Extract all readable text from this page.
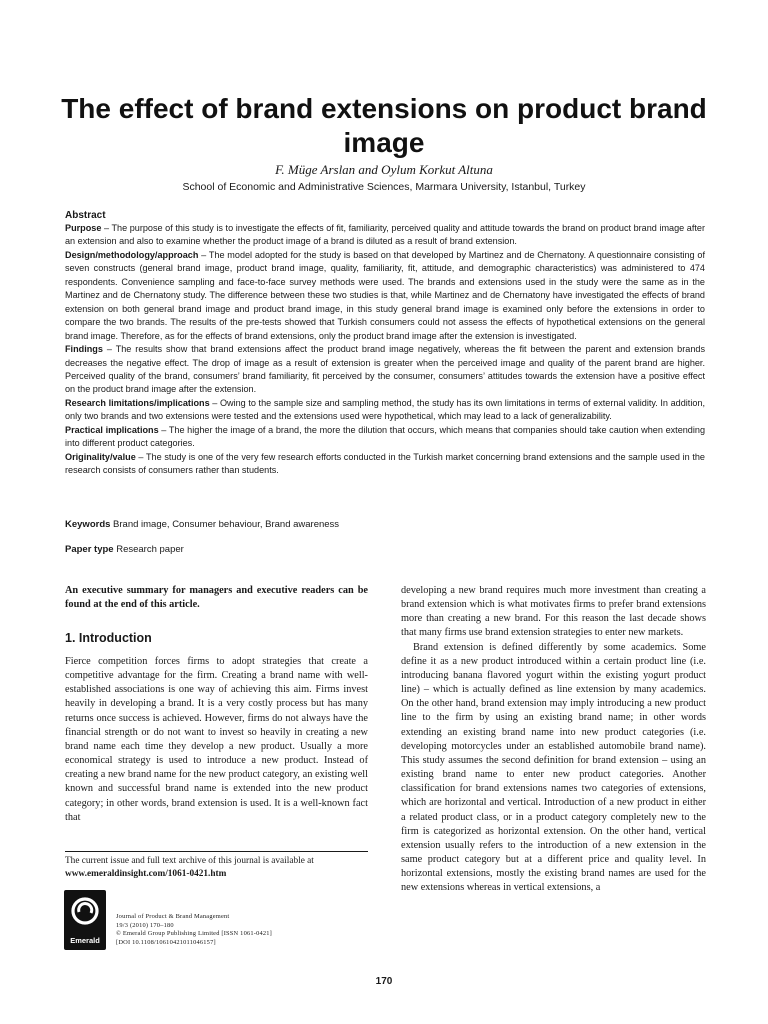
The effect of brand extensions on product brand image
F. Müge Arslan and Oylum Korkut Altuna
School of Economic and Administrative Sciences, Marmara University, Istanbul, Turkey
Abstract

Purpose – The purpose of this study is to investigate the effects of fit, familiarity, perceived quality and attitude towards the brand on product brand image after an extension and also to examine whether the product image of a brand is diluted as a result of brand extension.

Design/methodology/approach – The model adopted for the study is based on that developed by Martinez and de Chernatony. A questionnaire consisting of seven constructs (general brand image, product brand image, quality, familiarity, fit, attitude, and demographic characteristics) was administered to 474 respondents. Convenience sampling and face-to-face survey methods were used. The brands and extensions used in the study were the same as in the Martinez and de Chernatony study. The difference between these two studies is that, while Martinez and de Chernatony have investigated the effects of brand extension on both general brand image and product brand image, in this study general brand image is examined only before the extensions in order to compare the two brands. The results of the pre-tests showed that Turkish consumers could not assess the effects of hypothetical extensions on the general brand image. Therefore, as for the effects of brand extensions, only the product brand image after the extension is investigated.

Findings – The results show that brand extensions affect the product brand image negatively, whereas the fit between the parent and extension brands decreases the negative effect. The drop of image as a result of extension is greater when the perceived image and quality of the parent brand are higher. Perceived quality of the brand, consumers’ brand familiarity, fit perceived by the consumer, consumers’ attitudes towards the extension have a positive effect on the product brand image after the extension.

Research limitations/implications – Owing to the sample size and sampling method, the study has its own limitations in terms of external validity. In addition, only two brands and two extensions were tested and the extensions used were hypothetical, which may lead to a lack of generalizability.

Practical implications – The higher the image of a brand, the more the dilution that occurs, which means that companies should take caution when extending into different product categories.

Originality/value – The study is one of the very few research efforts conducted in the Turkish market concerning brand extensions and the sample used in the research consists of consumers rather than students.

Keywords Brand image, Consumer behaviour, Brand awareness
Paper type Research paper
An executive summary for managers and executive readers can be found at the end of this article.
1. Introduction

Fierce competition forces firms to adopt strategies that create a competitive advantage for the firm. Creating a brand name with well-established associations is one way of achieving this aim. Firms invest heavily in developing a brand. It is a very costly process but has many returns once success is achieved. However, firms do not always have the financial strength or do not want to invest so heavily in creating a new brand name each time they develop a new product. Usually a more economical strategy is used to introduce a new product. Instead of creating a new brand name for the new product category, an existing well known and successful brand name is extended into the new product category; in other words, brand extension is used. It is a well-known fact that

developing a new brand requires much more investment than creating a brand extension which is what motivates firms to prefer brand extensions more than creating a new brand. For this reason the last decade shows that many firms use brand extension strategies to enter new markets.

Brand extension is defined differently by some academics. Some define it as a new product introduced within a certain product line (i.e. introducing banana flavored yogurt within the existing yogurt product line) – which is actually defined as line extension by many academics. On the other hand, brand extension may imply introducing a new product line to the firm by using an existing brand name; in other words extending an existing brand name into new product categories (i.e. developing motorcycles under an established automobile brand name). This study assumes the second definition for brand extension – using an existing brand name to enter new product categories. Another classification for brand extensions names two categories of extensions, which are horizontal and vertical. Introduction of a new product in either a related product class, or in a product category completely new to the firm is categorized as horizontal extension. On the other hand, vertical extension usually refers to the introduction of a new extension in the same product category but at a different price and quality level. In horizontal extensions, mostly the existing brand names are used for the new extensions whereas in vertical extensions, a

The current issue and full text archive of this journal is available at
www.emeraldinsight.com/1061-0421.htm
Emerald
Journal of Product & Brand Management
19/3 (2010) 170–180
© Emerald Group Publishing Limited [ISSN 1061-0421]
[DOI 10.1108/10610421011046157]
170
